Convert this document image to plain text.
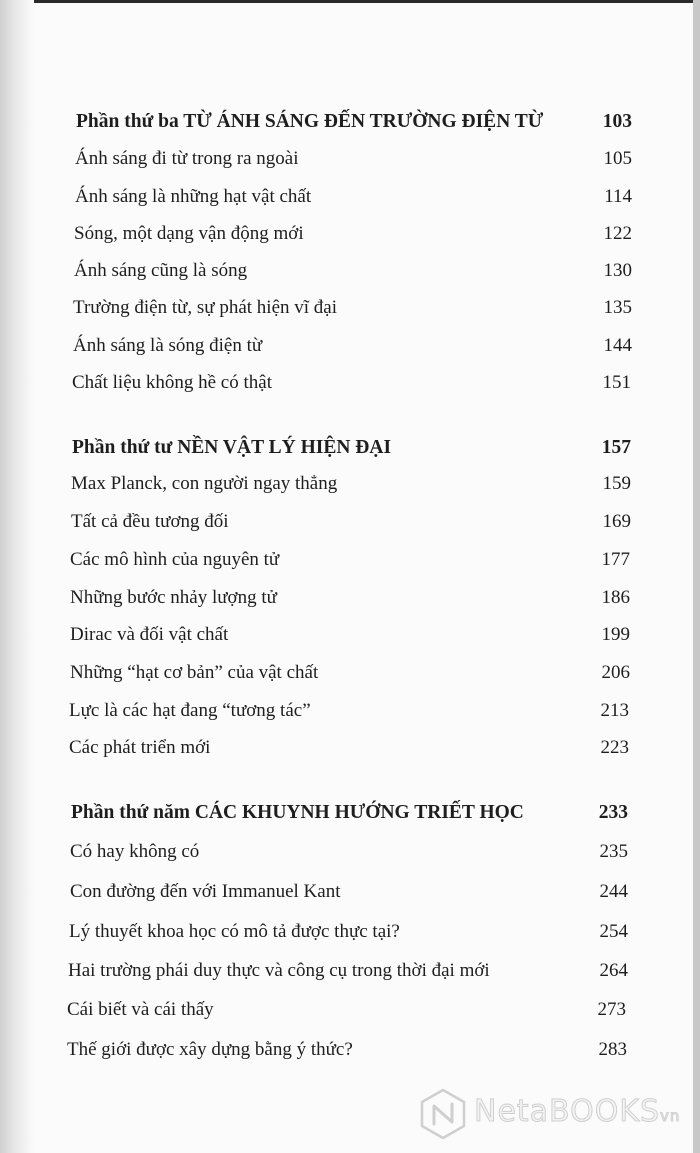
Phần thứ ba TỪ ÁNH SÁNG ĐẾN TRƯỜNG ĐIỆN TỪ	103
Ánh sáng đi từ trong ra ngoài	105
Ánh sáng là những hạt vật chất	114
Sóng, một dạng vận động mới	122
Ánh sáng cũng là sóng	130
Trường điện từ, sự phát hiện vĩ đại	135
Ánh sáng là sóng điện từ	144
Chất liệu không hề có thật	151
Phần thứ tư NỀN VẬT LÝ HIỆN ĐẠI	157
Max Planck, con người ngay thẳng	159
Tất cả đều tương đối	169
Các mô hình của nguyên tử	177
Những bước nhảy lượng tử	186
Dirac và đối vật chất	199
Những “hạt cơ bản” của vật chất	206
Lực là các hạt đang “tương tác”	213
Các phát triển mới	223
Phần thứ năm CÁC KHUYNH HƯỚNG TRIẾT HỌC	233
Có hay không có	235
Con đường đến với Immanuel Kant	244
Lý thuyết khoa học có mô tả được thực tại?	254
Hai trường phái duy thực và công cụ trong thời đại mới	264
Cái biết và cái thấy	273
Thế giới được xây dựng bằng ý thức?	283
NetaBOOKSvn
